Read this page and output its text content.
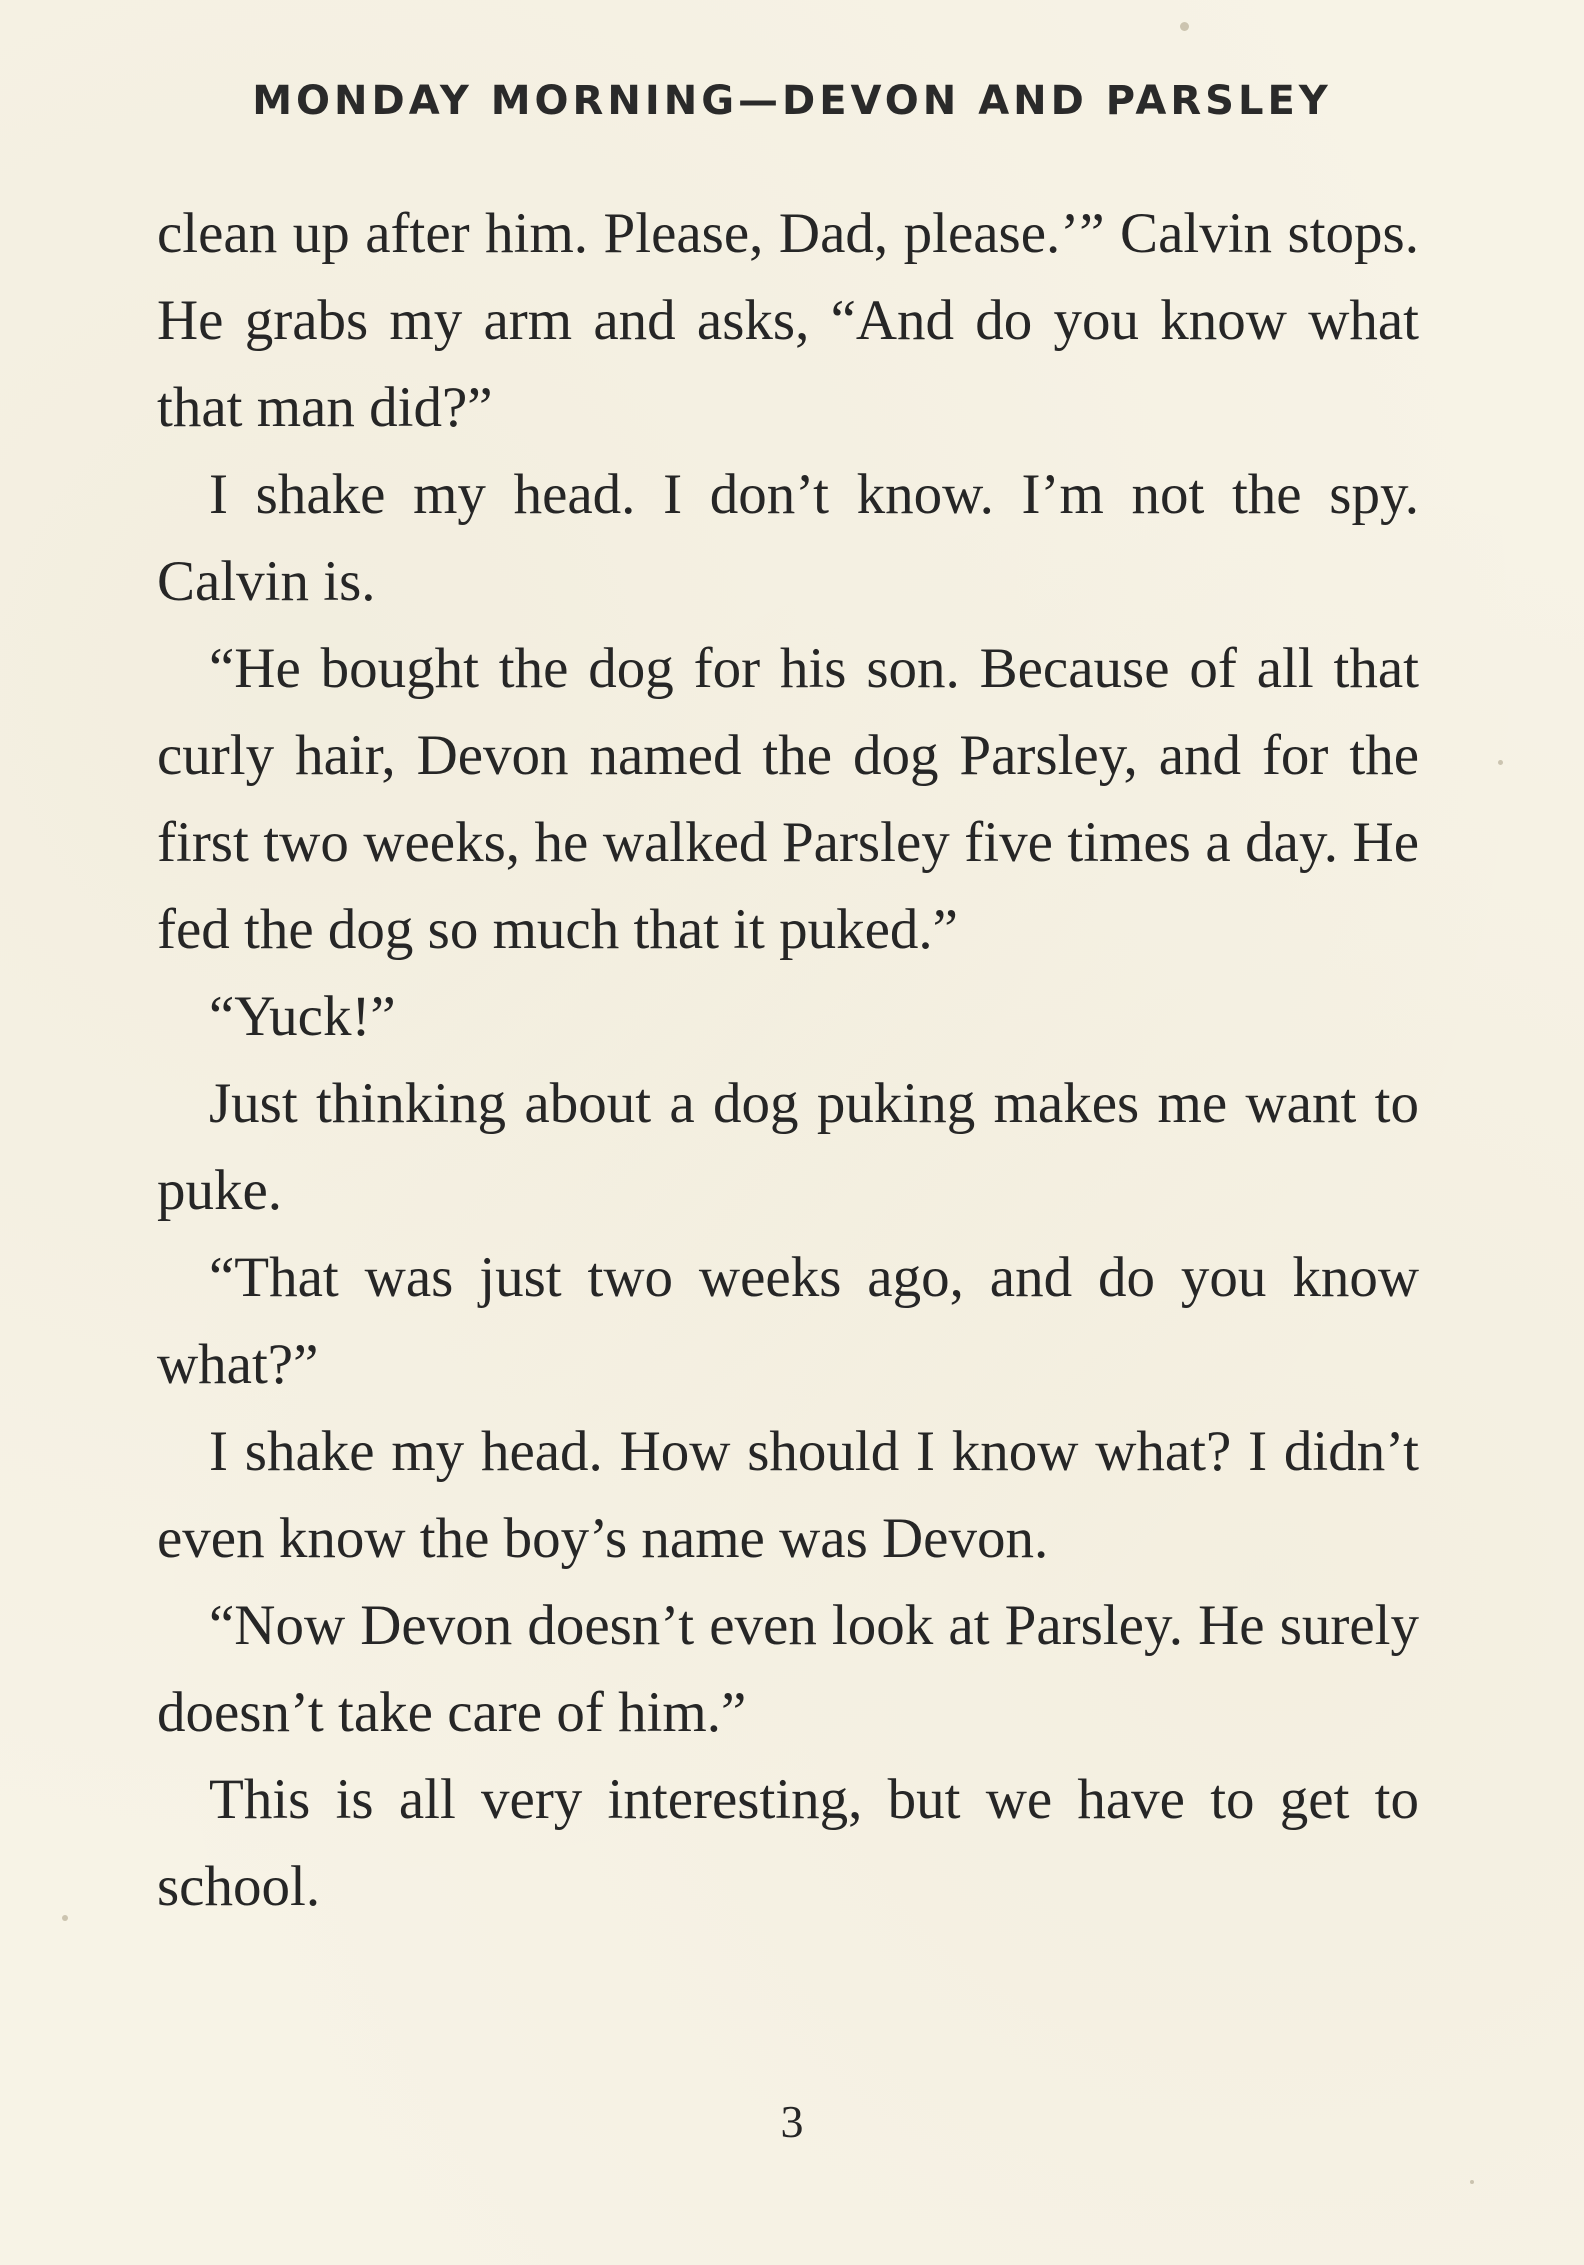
MONDAY MORNING—DEVON AND PARSLEY

clean up after him. Please, Dad, please.’” Calvin stops. He grabs my arm and asks, “And do you know what that man did?”

I shake my head. I don’t know. I’m not the spy. Calvin is.

“He bought the dog for his son. Because of all that curly hair, Devon named the dog Parsley, and for the first two weeks, he walked Parsley five times a day. He fed the dog so much that it puked.”

“Yuck!”

Just thinking about a dog puking makes me want to puke.

“That was just two weeks ago, and do you know what?”

I shake my head. How should I know what? I didn’t even know the boy’s name was Devon.

“Now Devon doesn’t even look at Parsley. He surely doesn’t take care of him.”

This is all very interesting, but we have to get to school.

3
